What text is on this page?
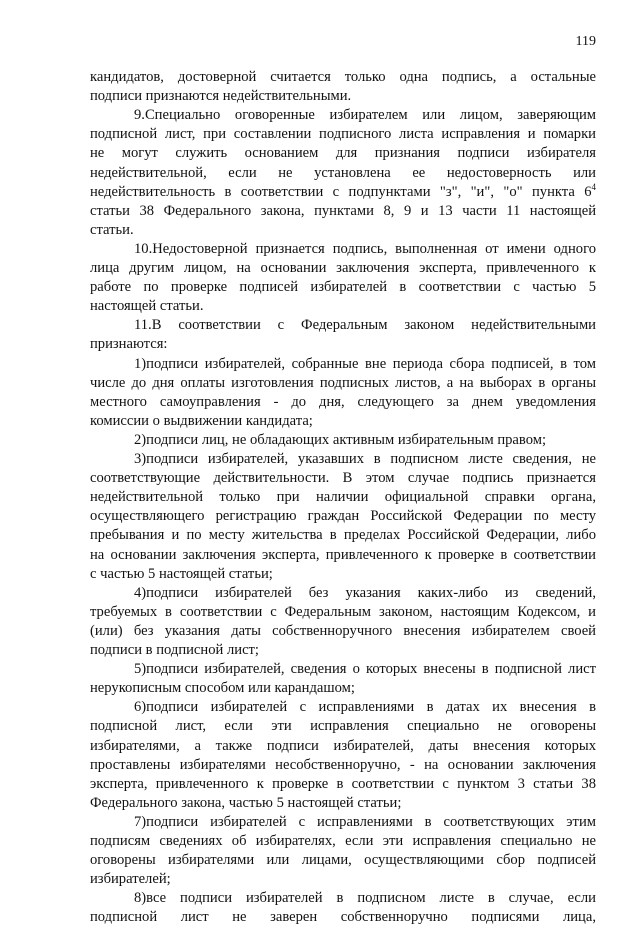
119
кандидатов, достоверной считается только одна подпись, а остальные
подписи признаются недействительными.
9.Специально оговоренные избирателем или лицом, заверяющим
подписной лист, при составлении подписного листа исправления и помарки
не могут служить основанием для признания подписи избирателя
недействительной, если не установлена ее недостоверность или
недействительность в соответствии с подпунктами "з", "и", "о" пункта $6^4$
статьи 38 Федерального закона, пунктами 8, 9 и 13 части 11 настоящей
статьи.
10.Недостоверной признается подпись, выполненная от имени одного
лица другим лицом, на основании заключения эксперта, привлеченного к
работе по проверке подписей избирателей в соответствии с частью 5
настоящей статьи.
11.В соответствии с Федеральным законом недействительными
признаются:
1)подписи избирателей, собранные вне периода сбора подписей, в том
числе до дня оплаты изготовления подписных листов, а на выборах в органы
местного самоуправления - до дня, следующего за днем уведомления
комиссии о выдвижении кандидата;
2)подписи лиц, не обладающих активным избирательным правом;
3)подписи избирателей, указавших в подписном листе сведения, не
соответствующие действительности. В этом случае подпись признается
недействительной только при наличии официальной справки органа,
осуществляющего регистрацию граждан Российской Федерации по месту
пребывания и по месту жительства в пределах Российской Федерации, либо
на основании заключения эксперта, привлеченного к проверке в соответствии
с частью 5 настоящей статьи;
4)подписи избирателей без указания каких-либо из сведений,
требуемых в соответствии с Федеральным законом, настоящим Кодексом, и
(или) без указания даты собственноручного внесения избирателем своей
подписи в подписной лист;
5)подписи избирателей, сведения о которых внесены в подписной лист
нерукописным способом или карандашом;
6)подписи избирателей с исправлениями в датах их внесения в
подписной лист, если эти исправления специально не оговорены
избирателями, а также подписи избирателей, даты внесения которых
проставлены избирателями несобственноручно, - на основании заключения
эксперта, привлеченного к проверке в соответствии с пунктом 3 статьи 38
Федерального закона, частью 5 настоящей статьи;
7)подписи избирателей с исправлениями в соответствующих этим
подписям сведениях об избирателях, если эти исправления специально не
оговорены избирателями или лицами, осуществляющими сбор подписей
избирателей;
8)все подписи избирателей в подписном листе в случае, если
подписной лист не заверен собственноручно подписями лица,
